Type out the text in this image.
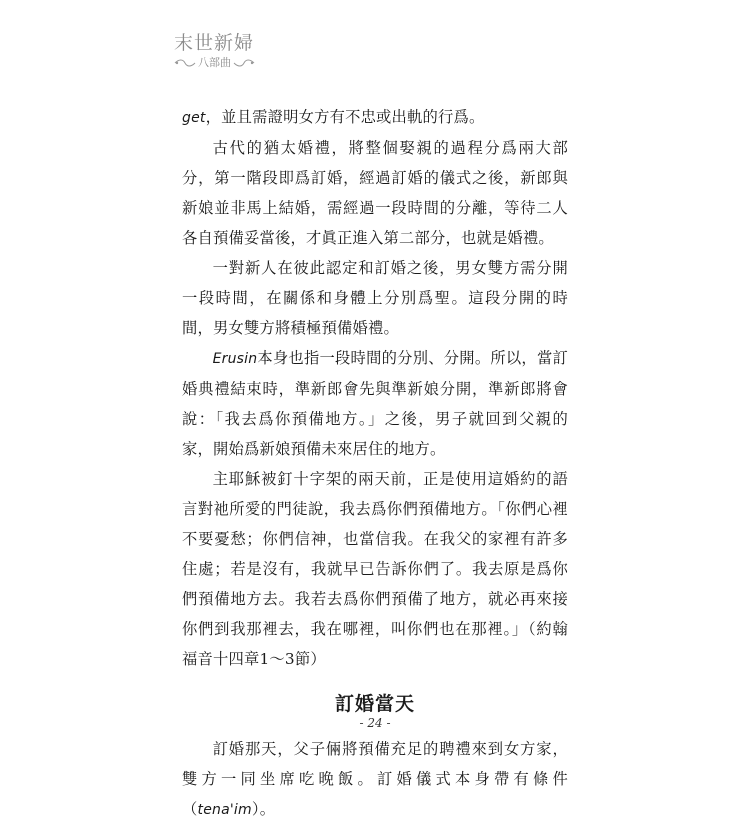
末世新婦
八部曲

get，並且需證明女方有不忠或出軌的行爲。

古代的猶太婚禮，將整個娶親的過程分爲兩大部分，第一階段即爲訂婚，經過訂婚的儀式之後，新郎與新娘並非馬上結婚，需經過一段時間的分離，等待二人各自預備妥當後，才眞正進入第二部分，也就是婚禮。

一對新人在彼此認定和訂婚之後，男女雙方需分開一段時間，在關係和身體上分別爲聖。這段分開的時間，男女雙方將積極預備婚禮。

Erusin本身也指一段時間的分別、分開。所以，當訂婚典禮結束時，準新郎會先與準新娘分開，準新郎將會說：「我去爲你預備地方。」之後，男子就回到父親的家，開始爲新娘預備未來居住的地方。

主耶穌被釘十字架的兩天前，正是使用這婚約的語言對祂所愛的門徒說，我去爲你們預備地方。「你們心裡不要憂愁；你們信神，也當信我。在我父的家裡有許多住處；若是沒有，我就早已告訴你們了。我去原是爲你們預備地方去。我若去爲你們預備了地方，就必再來接你們到我那裡去，我在哪裡，叫你們也在那裡。」（約翰福音十四章1～3節）

訂婚當天

訂婚那天，父子倆將預備充足的聘禮來到女方家，雙方一同坐席吃晚飯。訂婚儀式本身帶有條件（tena'im）。

- 24 -
